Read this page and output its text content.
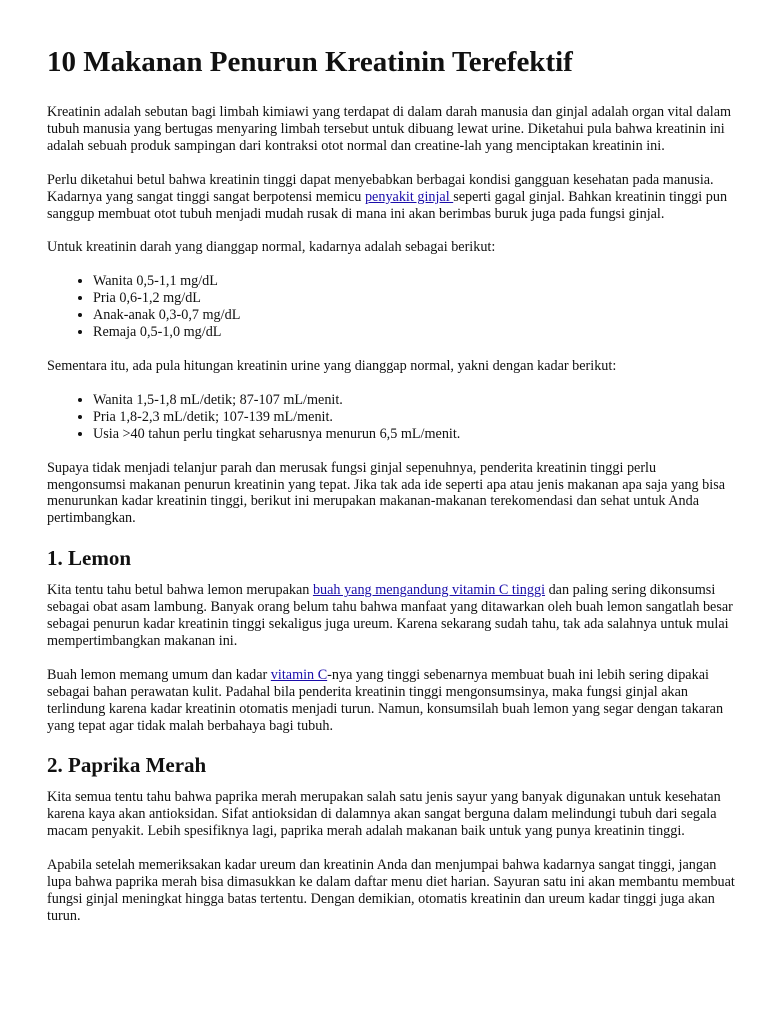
10 Makanan Penurun Kreatinin Terefektif

Kreatinin adalah sebutan bagi limbah kimiawi yang terdapat di dalam darah manusia dan ginjal adalah organ vital dalam tubuh manusia yang bertugas menyaring limbah tersebut untuk dibuang lewat urine. Diketahui pula bahwa kreatinin ini adalah sebuah produk sampingan dari kontraksi otot normal dan creatine-lah yang menciptakan kreatinin ini.

Perlu diketahui betul bahwa kreatinin tinggi dapat menyebabkan berbagai kondisi gangguan kesehatan pada manusia. Kadarnya yang sangat tinggi sangat berpotensi memicu penyakit ginjal seperti gagal ginjal. Bahkan kreatinin tinggi pun sanggup membuat otot tubuh menjadi mudah rusak di mana ini akan berimbas buruk juga pada fungsi ginjal.

Untuk kreatinin darah yang dianggap normal, kadarnya adalah sebagai berikut:

• Wanita 0,5-1,1 mg/dL
• Pria 0,6-1,2 mg/dL
• Anak-anak 0,3-0,7 mg/dL
• Remaja 0,5-1,0 mg/dL

Sementara itu, ada pula hitungan kreatinin urine yang dianggap normal, yakni dengan kadar berikut:

• Wanita 1,5-1,8 mL/detik; 87-107 mL/menit.
• Pria 1,8-2,3 mL/detik; 107-139 mL/menit.
• Usia >40 tahun perlu tingkat seharusnya menurun 6,5 mL/menit.

Supaya tidak menjadi telanjur parah dan merusak fungsi ginjal sepenuhnya, penderita kreatinin tinggi perlu mengonsumsi makanan penurun kreatinin yang tepat. Jika tak ada ide seperti apa atau jenis makanan apa saja yang bisa menurunkan kadar kreatinin tinggi, berikut ini merupakan makanan-makanan terekomendasi dan sehat untuk Anda pertimbangkan.

1. Lemon

Kita tentu tahu betul bahwa lemon merupakan buah yang mengandung vitamin C tinggi dan paling sering dikonsumsi sebagai obat asam lambung. Banyak orang belum tahu bahwa manfaat yang ditawarkan oleh buah lemon sangatlah besar sebagai penurun kadar kreatinin tinggi sekaligus juga ureum. Karena sekarang sudah tahu, tak ada salahnya untuk mulai mempertimbangkan makanan ini.

Buah lemon memang umum dan kadar vitamin C-nya yang tinggi sebenarnya membuat buah ini lebih sering dipakai sebagai bahan perawatan kulit. Padahal bila penderita kreatinin tinggi mengonsumsinya, maka fungsi ginjal akan terlindung karena kadar kreatinin otomatis menjadi turun. Namun, konsumsilah buah lemon yang segar dengan takaran yang tepat agar tidak malah berbahaya bagi tubuh.

2. Paprika Merah

Kita semua tentu tahu bahwa paprika merah merupakan salah satu jenis sayur yang banyak digunakan untuk kesehatan karena kaya akan antioksidan. Sifat antioksidan di dalamnya akan sangat berguna dalam melindungi tubuh dari segala macam penyakit. Lebih spesifiknya lagi, paprika merah adalah makanan baik untuk yang punya kreatinin tinggi.

Apabila setelah memeriksakan kadar ureum dan kreatinin Anda dan menjumpai bahwa kadarnya sangat tinggi, jangan lupa bahwa paprika merah bisa dimasukkan ke dalam daftar menu diet harian. Sayuran satu ini akan membantu membuat fungsi ginjal meningkat hingga batas tertentu. Dengan demikian, otomatis kreatinin dan ureum kadar tinggi juga akan turun.
